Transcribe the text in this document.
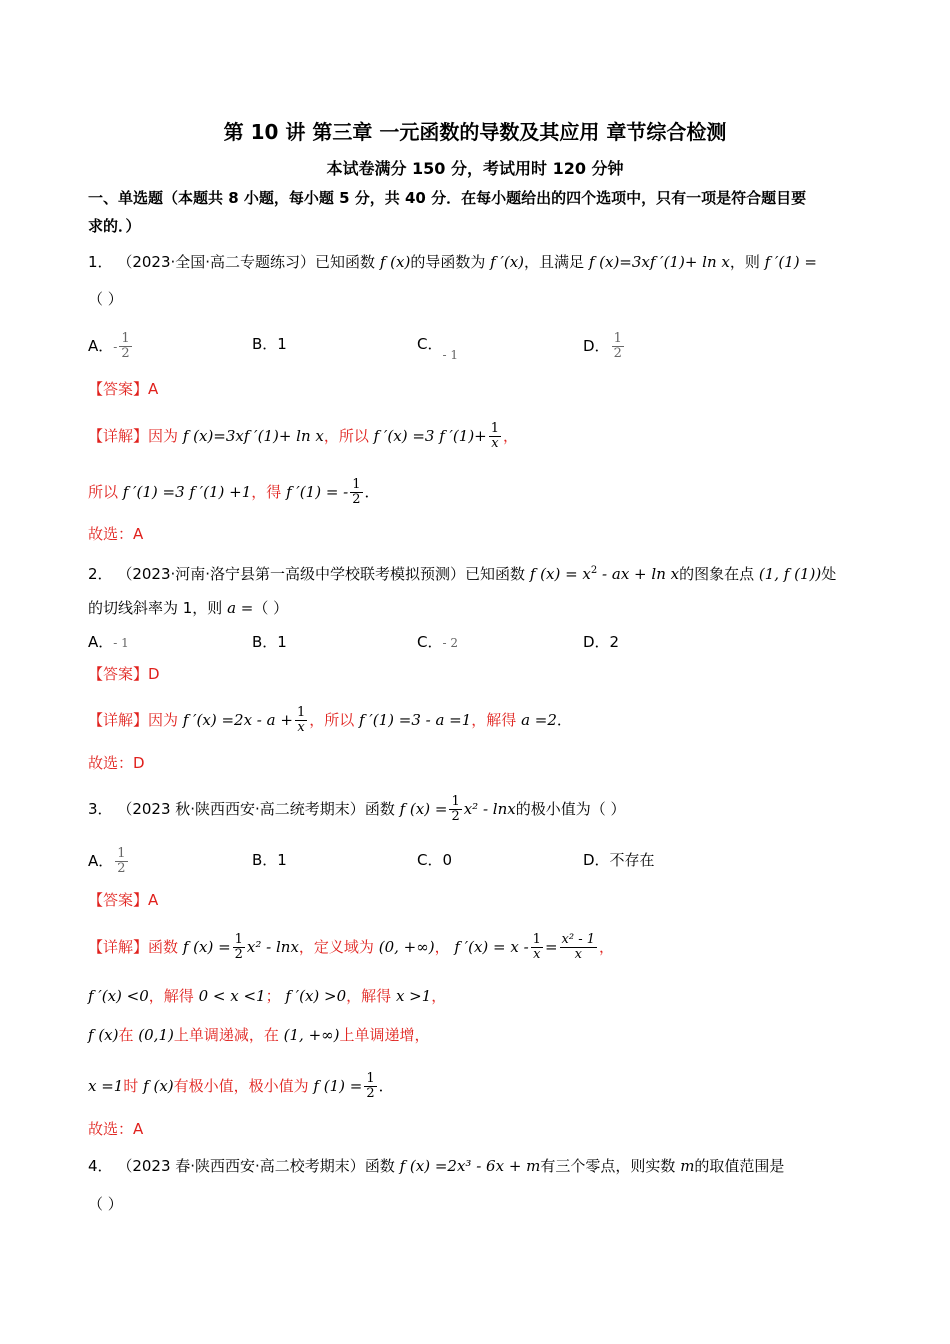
第 10 讲 第三章 一元函数的导数及其应用 章节综合检测
本试卷满分 150 分，考试用时 120 分钟
一、单选题（本题共 8 小题，每小题 5 分，共 40 分．在每小题给出的四个选项中，只有一项是符合题目要
求的．）
1． （2023·全国·高二专题练习）已知函数 f (x)的导函数为 f ′(x)，且满足 f (x)=3xf ′(1)+ ln x，则 f ′(1) =
（ ）
A．- $\frac{1}{2}$	B．1	C．$_{- 1}$	D． $\frac{1}{2}$
【答案】A
【详解】因为 f (x)=3xf ′(1)+ ln x，所以 f ′(x) =3 f $'(1)+ \frac{1}{x}$ ，
所以 f ′(1) =3 f ′(1) +1，得 f ′(1) = - $\frac{1}{2}$ ．
故选：A
2． （2023·河南·洛宁县第一高级中学校联考模拟预测）已知函数 f $(x) = x^2$ - ax + ln x的图象在点 (1, f (1))处
的切线斜率为 1，则 a =（ ）
A．- 1	B．1	C．- 2	D．2
【答案】D
【详解】因为 f $'(x) =2x - a + \frac{1}{x}$ ，所以 f ′(1) =3 - a =1，解得 a =2．
故选：D
3． （2023 秋·陕西西安·高二统考期末）函数 f $(x) = \frac{1}{2} x^2 - \ln x$的极小值为（ ）
A． $\frac{1}{2}$	B．1	C．0	D．不存在
【答案】A
【详解】函数 f $(x) = \frac{1}{2} x^2 - \ln x$，定义域为 (0, +∞)， f $'(x) = x - \frac{1}{x} = \frac{\text{x² - 1}}{x}$ ，
f ′(x) <0，解得 0 < x <1； f ′(x) >0，解得 x >1，
f (x)在 (0,1)上单调递减，在 (1, +∞)上单调递增，
x =1时 f (x)有极小值，极小值为 f $(1) = \frac{1}{2}$ ．
故选：A
4． （2023 春·陕西西安·高二校考期末）函数 f (x) =2x³ - 6x + m有三个零点，则实数 m的取值范围是
（ ）
